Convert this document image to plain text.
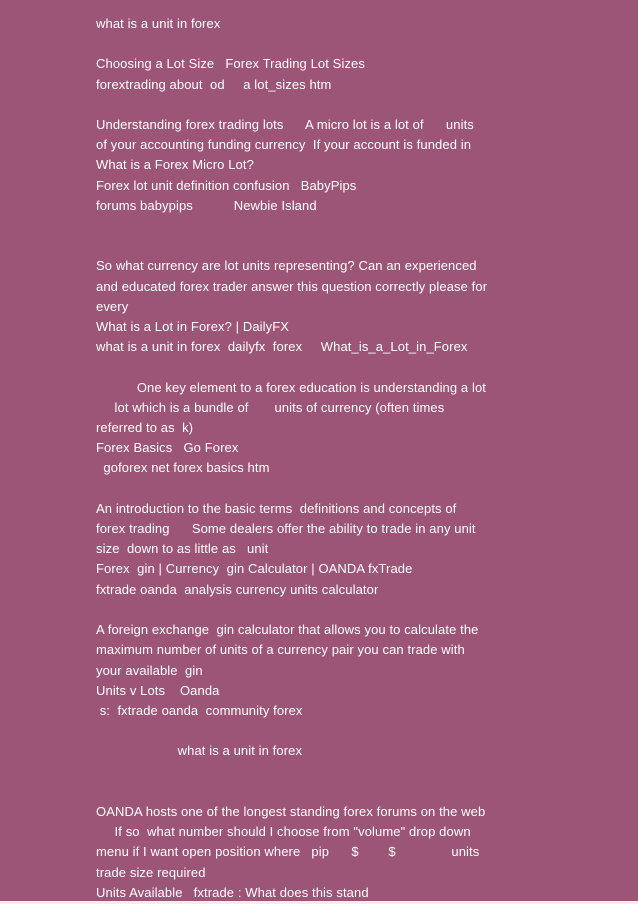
what is a unit in forex

Choosing a Lot Size   Forex Trading Lot Sizes
forextrading about  od     a lot_sizes htm

Understanding forex trading lots      A micro lot is a lot of      units
of your accounting funding currency  If your account is funded in
What is a Forex Micro Lot?
Forex lot unit definition confusion   BabyPips
forums babypips           Newbie Island

So what currency are lot units representing? Can an experienced
and educated forex trader answer this question correctly please for
every
What is a Lot in Forex? | DailyFX
what is a unit in forex  dailyfx  forex     What_is_a_Lot_in_Forex

One key element to a forex education is understanding a lot
lot which is a bundle of       units of currency (often times
referred to as  k)
Forex Basics   Go Forex
goforex net forex basics htm

An introduction to the basic terms  definitions and concepts of
forex trading      Some dealers offer the ability to trade in any unit
size  down to as little as   unit
Forex  gin | Currency  gin Calculator | OANDA fxTrade
fxtrade oanda  analysis currency units calculator

A foreign exchange  gin calculator that allows you to calculate the
maximum number of units of a currency pair you can trade with
your available  gin
Units v Lots    Oanda
s:  fxtrade oanda  community forex

what is a unit in forex

OANDA hosts one of the longest standing forex forums on the web
If so  what number should I choose from "volume" drop down
menu if I want open position where   pip      $        $               units
trade size required
Units Available   fxtrade : What does this stand
